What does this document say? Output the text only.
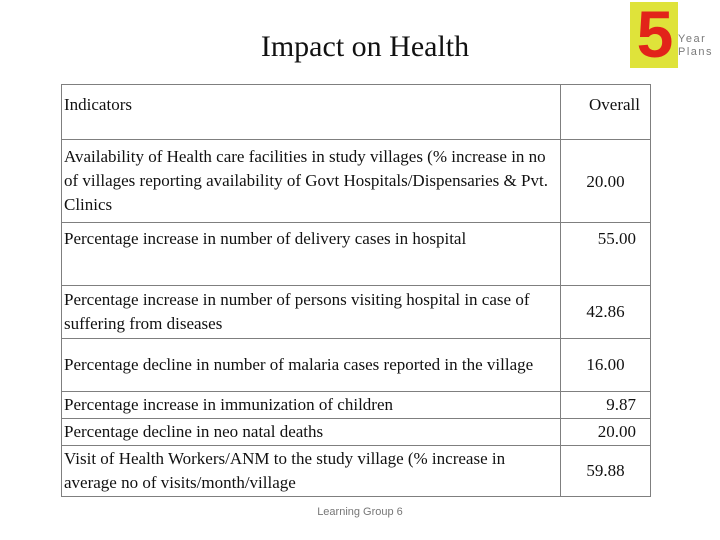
Impact on Health	5 Year
Plans
Indicators	Overall
Availability of Health care facilities in study villages (% increase in no of villages reporting availability of Govt Hospitals/Dispensaries & Pvt. Clinics	20.00
Percentage increase in number of delivery cases in hospital	55.00
Percentage increase in number of persons visiting hospital in case of suffering from diseases	42.86
Percentage decline in number of malaria cases reported in the village	16.00
Percentage increase in immunization of children	9.87
Percentage decline in neo natal deaths	20.00
Visit of Health Workers/ANM to the study village (% increase in average no of visits/month/village	59.88
Learning Group 6
